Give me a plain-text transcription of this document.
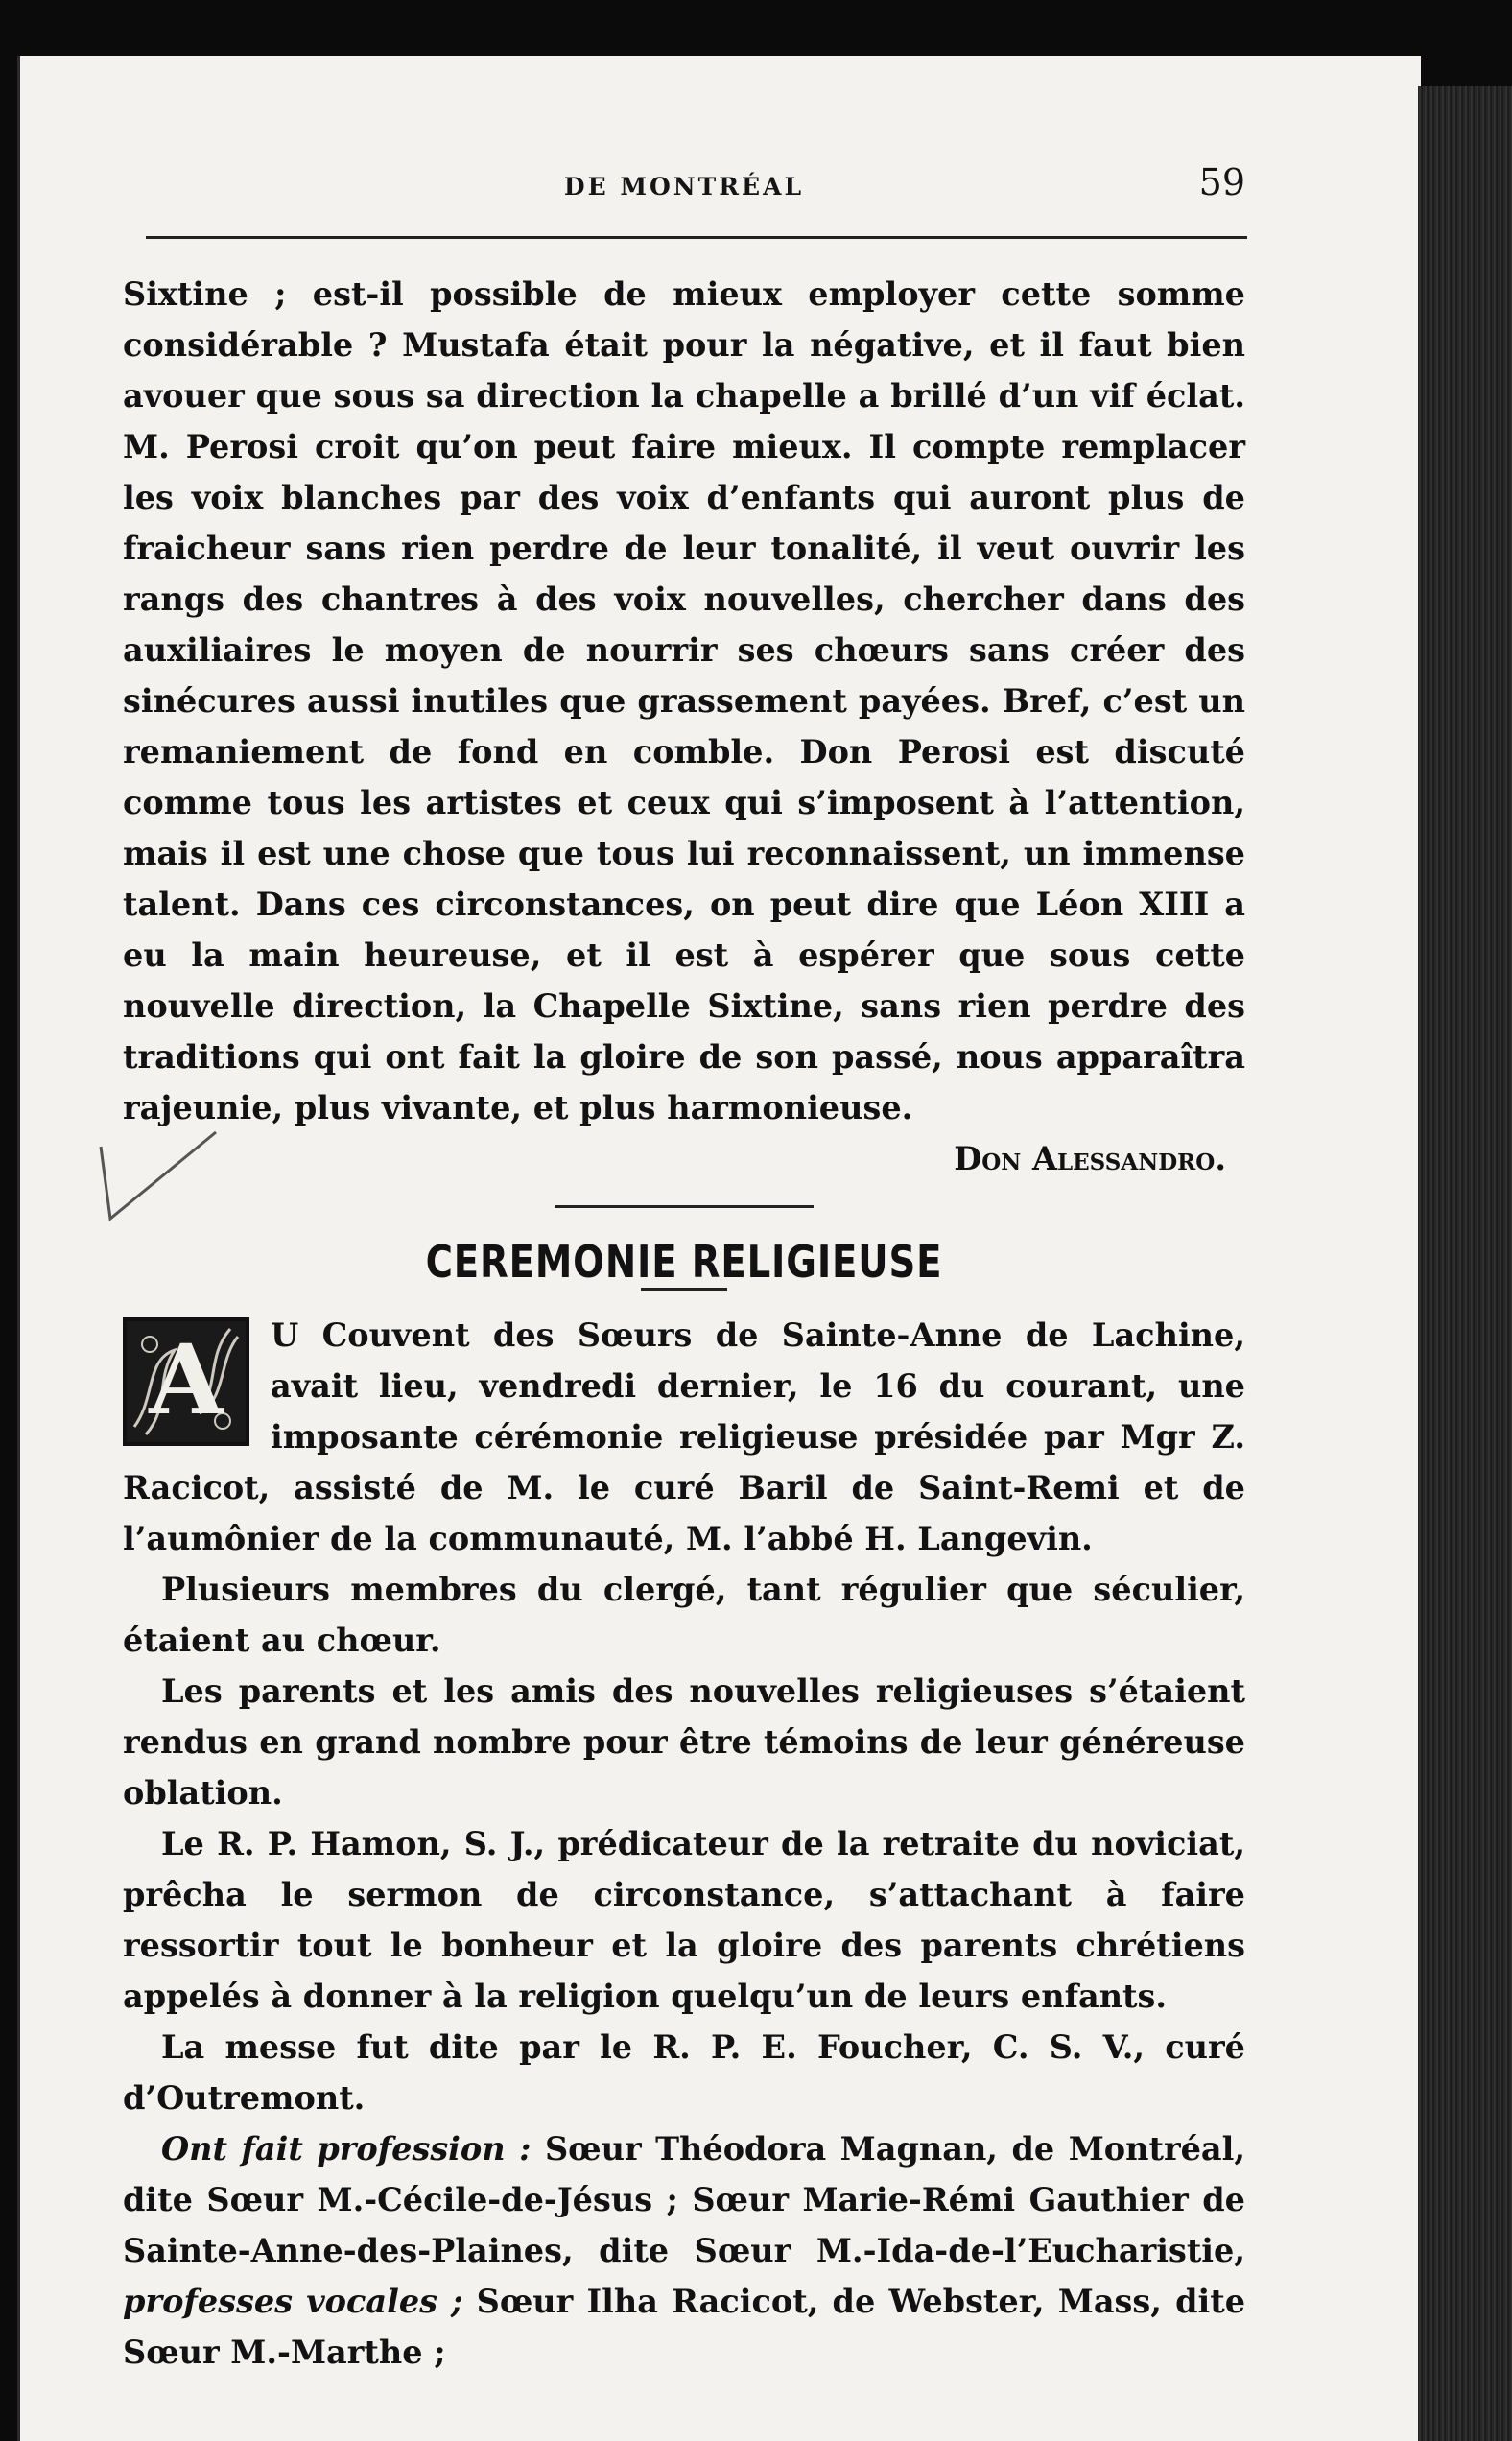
DE MONTRÉAL	59

Sixtine ; est-il possible de mieux employer cette somme considérable ? Mustafa était pour la négative, et il faut bien avouer que sous sa direction la chapelle a brillé d’un vif éclat. M. Perosi croit qu’on peut faire mieux. Il compte remplacer les voix blanches par des voix d’enfants qui auront plus de fraicheur sans rien perdre de leur tonalité, il veut ouvrir les rangs des chantres à des voix nouvelles, chercher dans des auxiliaires le moyen de nourrir ses chœurs sans créer des sinécures aussi inutiles que grassement payées. Bref, c’est un remaniement de fond en comble. Don Perosi est discuté comme tous les artistes et ceux qui s’imposent à l’attention, mais il est une chose que tous lui reconnaissent, un immense talent. Dans ces circonstances, on peut dire que Léon XIII a eu la main heureuse, et il est à espérer que sous cette nouvelle direction, la Chapelle Sixtine, sans rien perdre des traditions qui ont fait la gloire de son passé, nous apparaîtra rajeunie, plus vivante, et plus harmonieuse.

Don Alessandro.

CEREMONIE RELIGIEUSE

A	U Couvent des Sœurs de Sainte-Anne de Lachine, avait lieu, vendredi dernier, le 16 du courant, une imposante cérémonie religieuse présidée par Mgr Z. Racicot, assisté de M. le curé Baril de Saint-Remi et de l’aumônier de la communauté, M. l’abbé H. Langevin.

Plusieurs membres du clergé, tant régulier que séculier, étaient au chœur.

Les parents et les amis des nouvelles religieuses s’étaient rendus en grand nombre pour être témoins de leur généreuse oblation.

Le R. P. Hamon, S. J., prédicateur de la retraite du noviciat, prêcha le sermon de circonstance, s’attachant à faire ressortir tout le bonheur et la gloire des parents chrétiens appelés à donner à la religion quelqu’un de leurs enfants.

La messe fut dite par le R. P. E. Foucher, C. S. V., curé d’Outremont.

Ont fait profession : Sœur Théodora Magnan, de Montréal, dite Sœur M.-Cécile-de-Jésus ; Sœur Marie-Rémi Gauthier de Sainte-Anne-des-Plaines, dite Sœur M.-Ida-de-l’Eucharistie, professes vocales ; Sœur Ilha Racicot, de Webster, Mass, dite Sœur M.-Marthe ;
